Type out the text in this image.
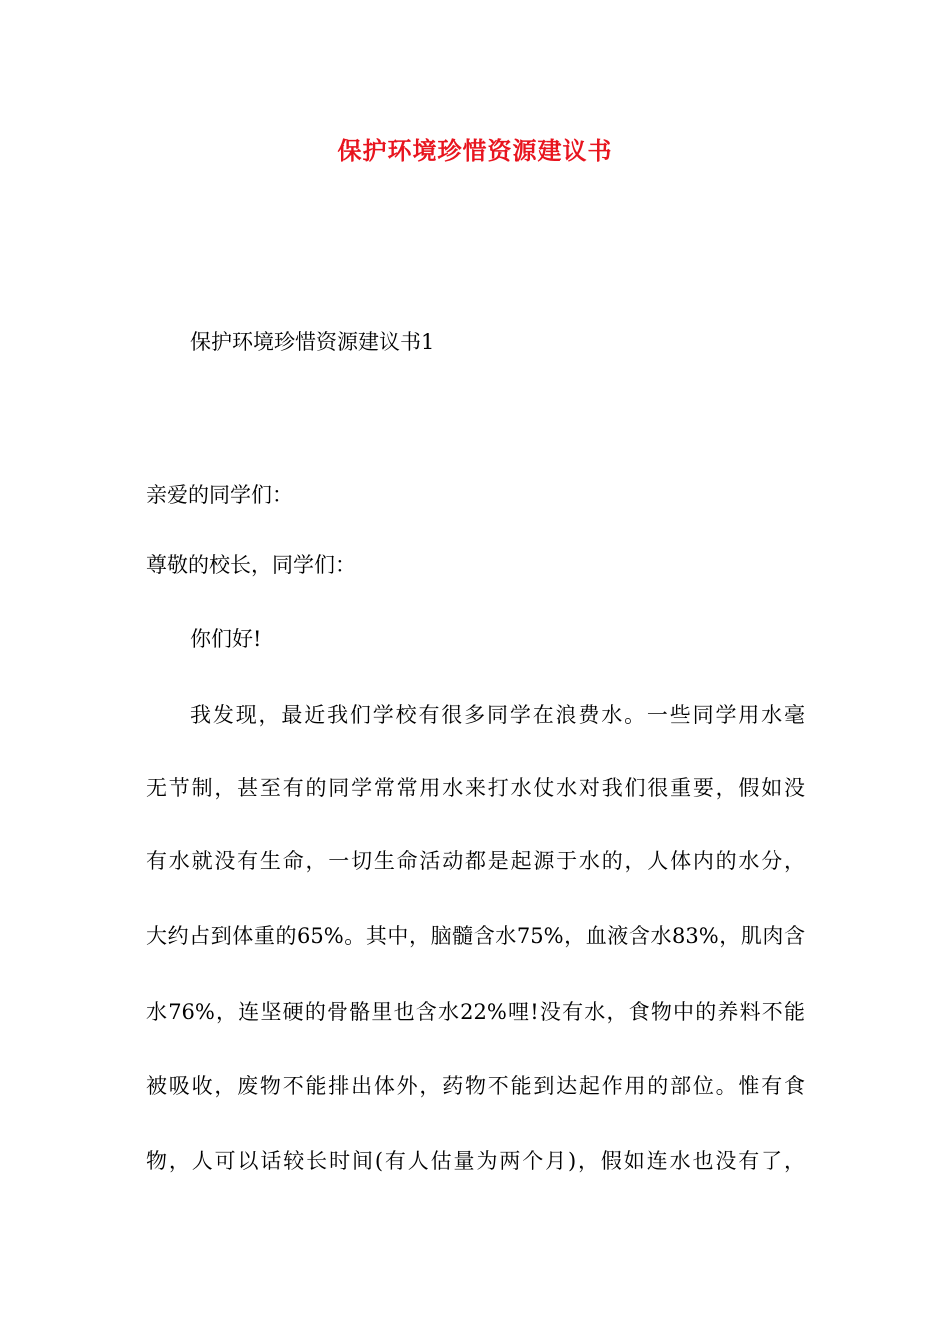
保护环境珍惜资源建议书
保护环境珍惜资源建议书1
亲爱的同学们：
尊敬的校长，同学们：
你们好!
我发现，最近我们学校有很多同学在浪费水。一些同学用水毫
无节制，甚至有的同学常常用水来打水仗水对我们很重要，假如没
有水就没有生命，一切生命活动都是起源于水的，人体内的水分，
大约占到体重的65%。其中，脑髓含水75%，血液含水83%，肌肉含
水76%，连坚硬的骨骼里也含水22%哩!没有水，食物中的养料不能
被吸收，废物不能排出体外，药物不能到达起作用的部位。惟有食
物，人可以话较长时间(有人估量为两个月)，假如连水也没有了，
